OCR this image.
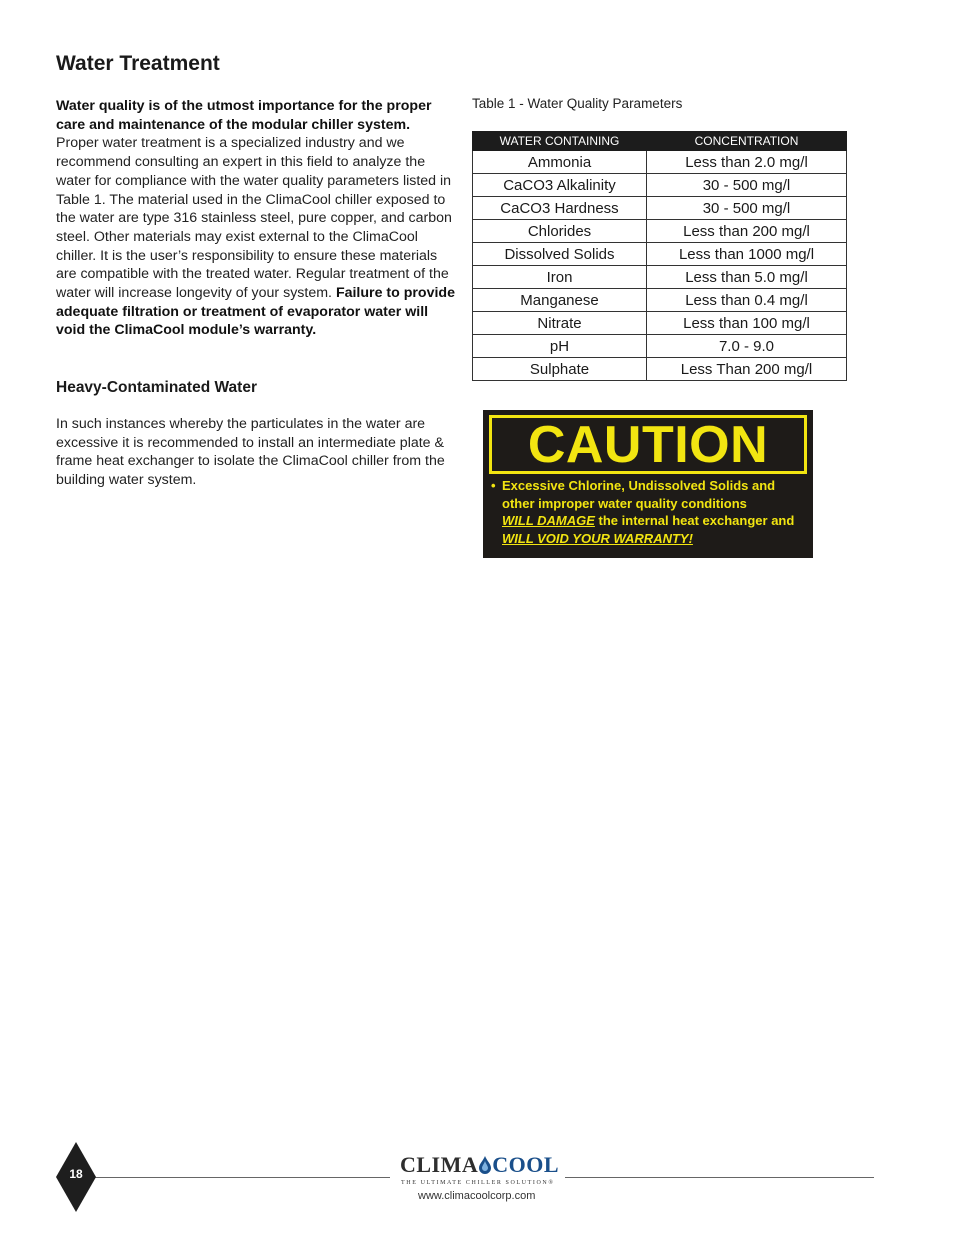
Water Treatment

Water quality is of the utmost importance for the proper care and maintenance of the modular chiller system.
Proper water treatment is a specialized industry and we recommend consulting an expert in this field to analyze the water for compliance with the water quality parameters listed in Table 1. The material used in the ClimaCool chiller exposed to the water are type 316 stainless steel, pure copper, and carbon steel. Other materials may exist external to the ClimaCool chiller. It is the user’s responsibility to ensure these materials are compatible with the treated water. Regular treatment of the water will increase longevity of your system. Failure to provide adequate filtration or treatment of evaporator water will void the ClimaCool module’s warranty.

Heavy-Contaminated Water

In such instances whereby the particulates in the water are excessive it is recommended to install an intermediate plate & frame heat exchanger to isolate the ClimaCool chiller from the building water system.

Table 1 - Water Quality Parameters

WATER CONTAINING	CONCENTRATION
Ammonia	Less than 2.0 mg/l
CaCO3 Alkalinity	30 - 500 mg/l
CaCO3 Hardness	30 - 500 mg/l
Chlorides	Less than 200 mg/l
Dissolved Solids	Less than 1000 mg/l
Iron	Less than 5.0 mg/l
Manganese	Less than 0.4 mg/l
Nitrate	Less than 100 mg/l
pH	7.0 - 9.0
Sulphate	Less Than 200 mg/l
CAUTION
• Excessive Chlorine, Undissolved Solids and
other improper water quality conditions
WILL DAMAGE the internal heat exchanger and
WILL VOID YOUR WARRANTY!
18	CLIMA COOL
THE ULTIMATE CHILLER SOLUTION®
www.climacoolcorp.com
